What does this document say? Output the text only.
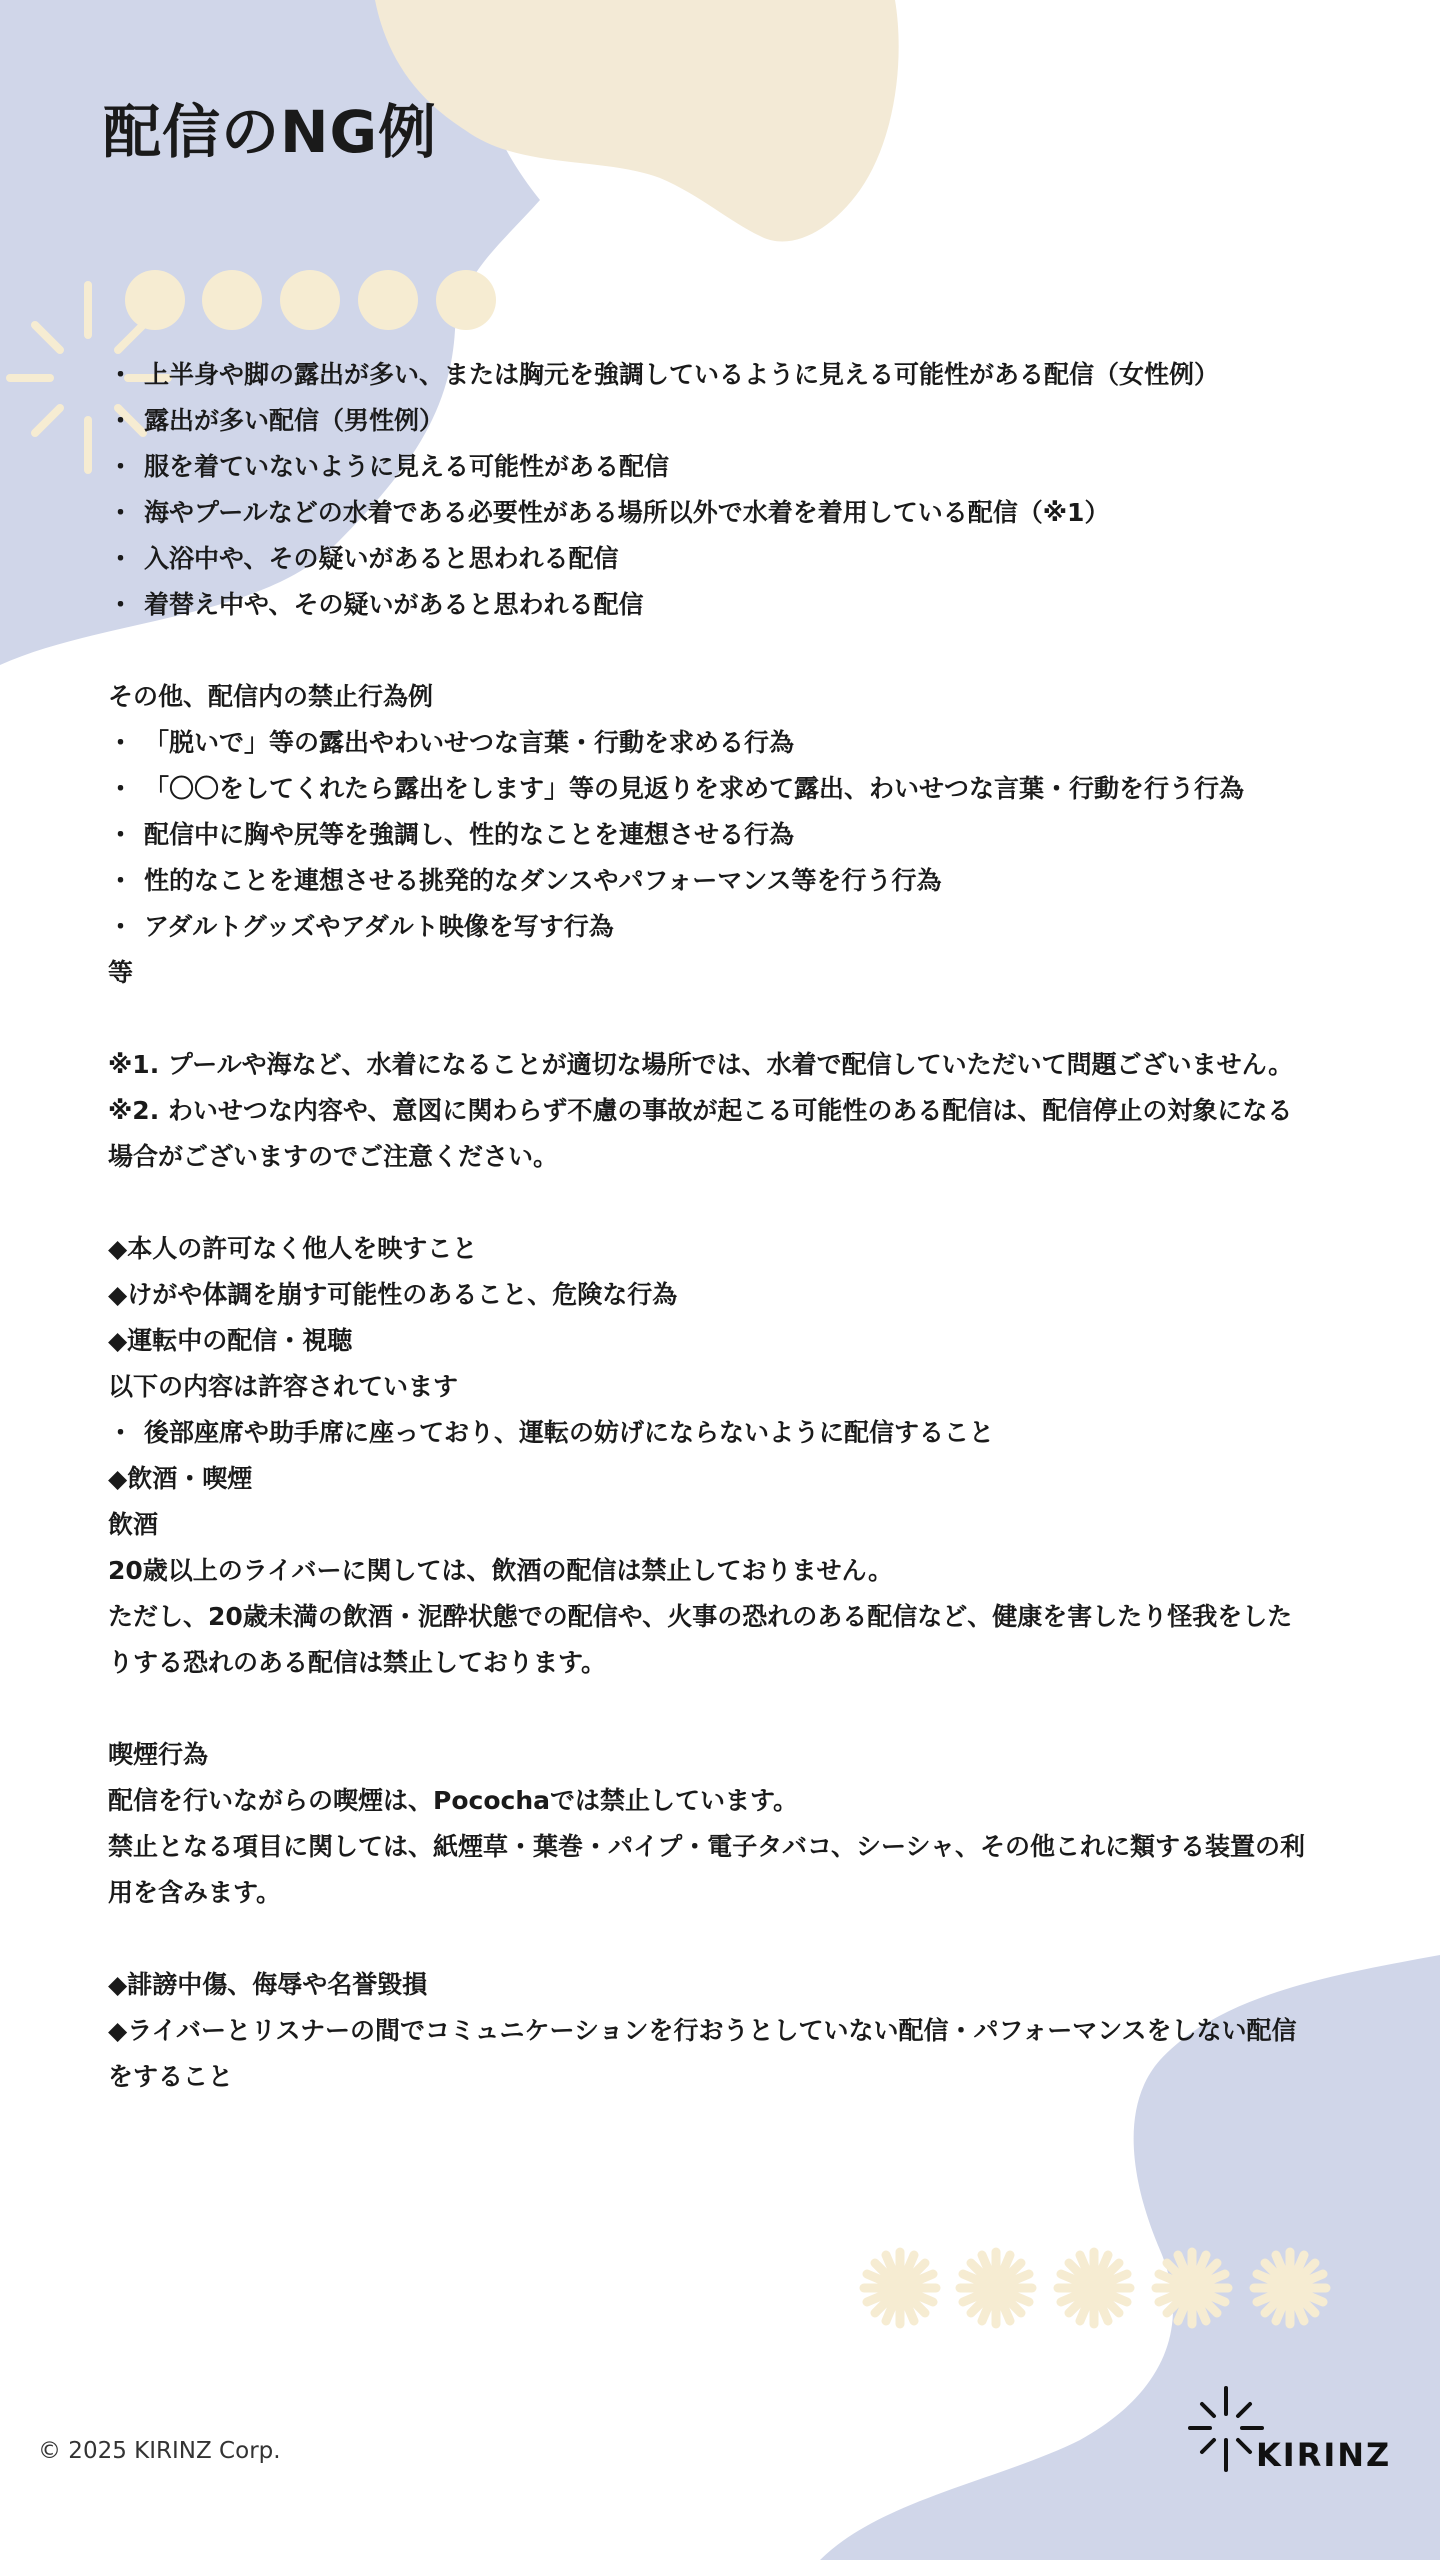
配信のNG例
・ 上半身や脚の露出が多い、または胸元を強調しているように見える可能性がある配信（女性例）
・ 露出が多い配信（男性例）
・ 服を着ていないように見える可能性がある配信
・ 海やプールなどの水着である必要性がある場所以外で水着を着用している配信（※1）
・ 入浴中や、その疑いがあると思われる配信
・ 着替え中や、その疑いがあると思われる配信

その他、配信内の禁止行為例

・ 「脱いで」等の露出やわいせつな言葉・行動を求める行為
・ 「〇〇をしてくれたら露出をします」等の見返りを求めて露出、わいせつな言葉・行動を行う行為
・ 配信中に胸や尻等を強調し、性的なことを連想させる行為
・ 性的なことを連想させる挑発的なダンスやパフォーマンス等を行う行為
・ アダルトグッズやアダルト映像を写す行為

等

※1. プールや海など、水着になることが適切な場所では、水着で配信していただいて問題ございません。

※2. わいせつな内容や、意図に関わらず不慮の事故が起こる可能性のある配信は、配信停止の対象になる場合がございますのでご注意ください。

◆本人の許可なく他人を映すこと

◆けがや体調を崩す可能性のあること、危険な行為

◆運転中の配信・視聴

以下の内容は許容されています

・ 後部座席や助手席に座っており、運転の妨げにならないように配信すること

◆飲酒・喫煙

飲酒

20歳以上のライバーに関しては、飲酒の配信は禁止しておりません。

ただし、20歳未満の飲酒・泥酔状態での配信や、火事の恐れのある配信など、健康を害したり怪我をしたりする恐れのある配信は禁止しております。

喫煙行為

配信を行いながらの喫煙は、Pocochaでは禁止しています。

禁止となる項目に関しては、紙煙草・葉巻・パイプ・電子タバコ、シーシャ、その他これに類する装置の利用を含みます。

◆誹謗中傷、侮辱や名誉毀損

◆ライバーとリスナーの間でコミュニケーションを行おうとしていない配信・パフォーマンスをしない配信をすること

© 2025 KIRINZ Corp.	KIRINZ
